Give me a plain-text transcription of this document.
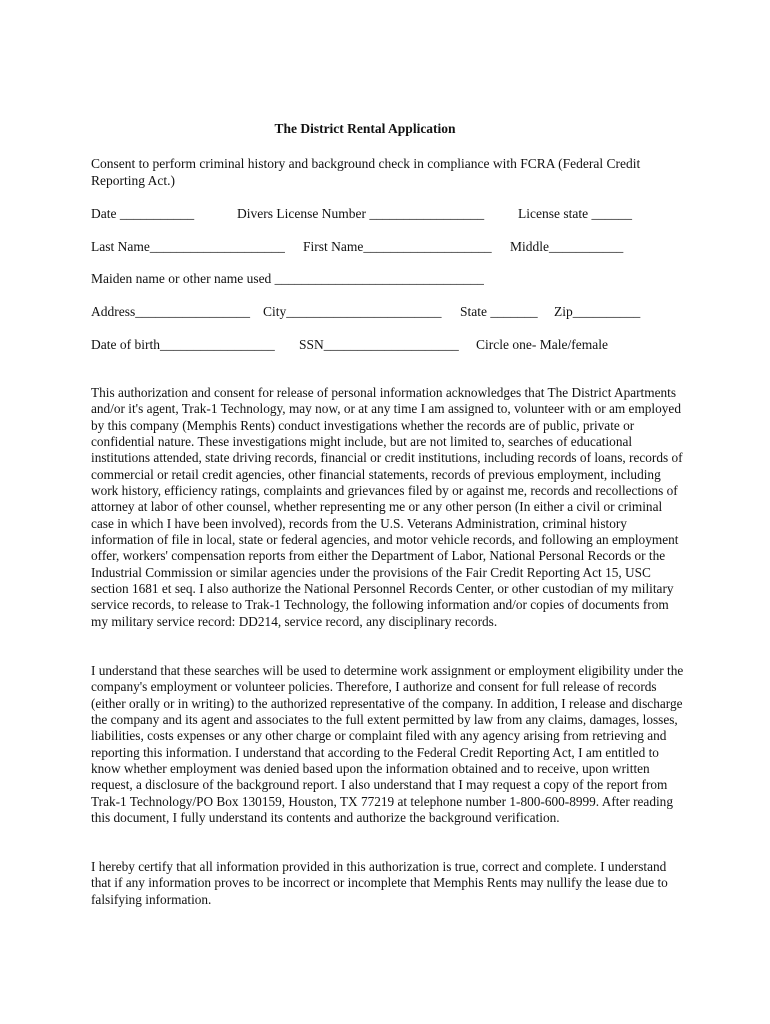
The District Rental Application
Consent to perform criminal history and background check in compliance with FCRA (Federal Credit Reporting Act.)
Date ___________	Divers License Number _________________	License state ______
Last Name____________________ First Name___________________ Middle___________
Maiden name or other name used _______________________________
Address_________________ City_______________________ State _______ Zip__________
Date of birth_________________ SSN____________________ Circle one- Male/female

This authorization and consent for release of personal information acknowledges that The District Apartments and/or it's agent, Trak-1 Technology, may now, or at any time I am assigned to, volunteer with or am employed by this company (Memphis Rents) conduct investigations whether the records are of public, private or confidential nature. These investigations might include, but are not limited to, searches of educational institutions attended, state driving records, financial or credit institutions, including records of loans, records of commercial or retail credit agencies, other financial statements, records of previous employment, including work history, efficiency ratings, complaints and grievances filed by or against me, records and recollections of attorney at labor of other counsel, whether representing me or any other person (In either a civil or criminal case in which I have been involved), records from the U.S. Veterans Administration, criminal history information of file in local, state or federal agencies, and motor vehicle records, and following an employment offer, workers' compensation reports from either the Department of Labor, National Personal Records or the Industrial Commission or similar agencies under the provisions of the Fair Credit Reporting Act 15, USC section 1681 et seq. I also authorize the National Personnel Records Center, or other custodian of my military service records, to release to Trak-1 Technology, the following information and/or copies of documents from my military service record: DD214, service record, any disciplinary records.

I understand that these searches will be used to determine work assignment or employment eligibility under the company's employment or volunteer policies. Therefore, I authorize and consent for full release of records (either orally or in writing) to the authorized representative of the company. In addition, I release and discharge the company and its agent and associates to the full extent permitted by law from any claims, damages, losses, liabilities, costs expenses or any other charge or complaint filed with any agency arising from retrieving and reporting this information. I understand that according to the Federal Credit Reporting Act, I am entitled to know whether employment was denied based upon the information obtained and to receive, upon written request, a disclosure of the background report. I also understand that I may request a copy of the report from Trak-1 Technology/PO Box 130159, Houston, TX 77219 at telephone number 1-800-600-8999. After reading this document, I fully understand its contents and authorize the background verification.

I hereby certify that all information provided in this authorization is true, correct and complete. I understand that if any information proves to be incorrect or incomplete that Memphis Rents may nullify the lease due to falsifying information.
